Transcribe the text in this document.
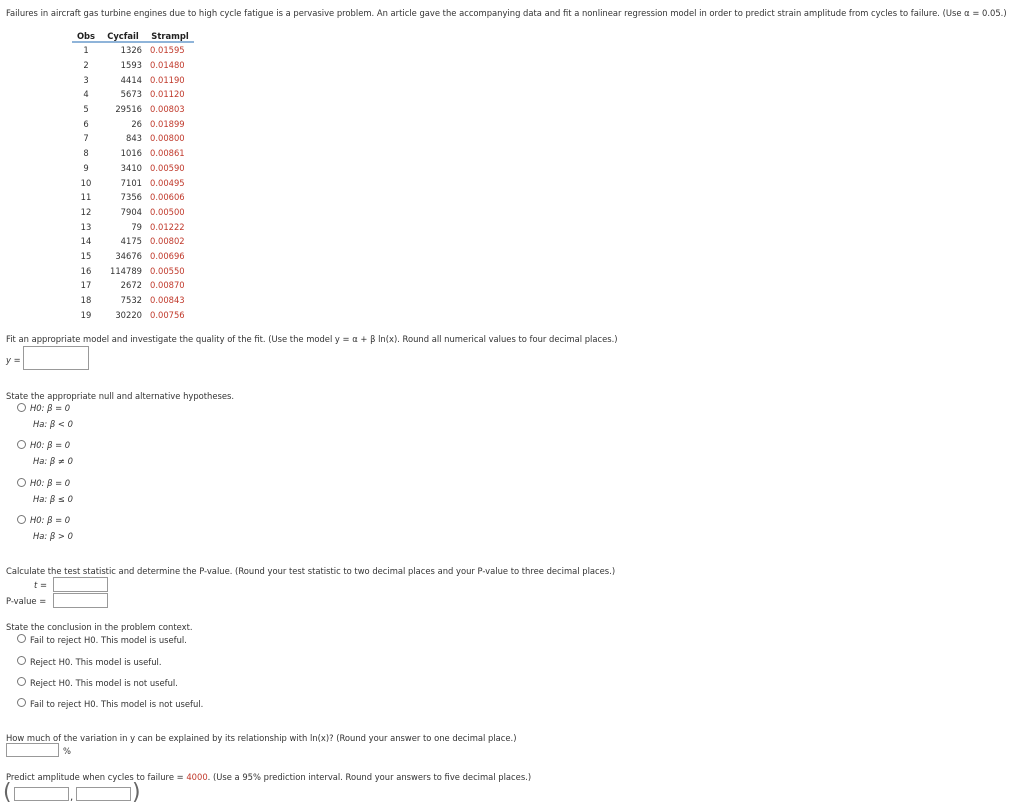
Failures in aircraft gas turbine engines due to high cycle fatigue is a pervasive problem. An article gave the accompanying data and fit a nonlinear regression model in order to predict strain amplitude from cycles to failure. (Use α = 0.05.)
Obs	Cycfail	Strampl
1	1326	0.01595
2	1593	0.01480
3	4414	0.01190
4	5673	0.01120
5	29516	0.00803
6	26	0.01899
7	843	0.00800
8	1016	0.00861
9	3410	0.00590
10	7101	0.00495
11	7356	0.00606
12	7904	0.00500
13	79	0.01222
14	4175	0.00802
15	34676	0.00696
16	114789	0.00550
17	2672	0.00870
18	7532	0.00843
19	30220	0.00756
Fit an appropriate model and investigate the quality of the fit. (Use the model y = α + β ln(x). Round all numerical values to four decimal places.)
y =
State the appropriate null and alternative hypotheses.
H0: β = 0
Ha: β < 0
H0: β = 0
Ha: β ≠ 0
H0: β = 0
Ha: β ≤ 0
H0: β = 0
Ha: β > 0
Calculate the test statistic and determine the P-value. (Round your test statistic to two decimal places and your P-value to three decimal places.)
t =
P-value =
State the conclusion in the problem context.
Fail to reject H0. This model is useful.
Reject H0. This model is useful.
Reject H0. This model is not useful.
Fail to reject H0. This model is not useful.
How much of the variation in y can be explained by its relationship with ln(x)? (Round your answer to one decimal place.)
%
Predict amplitude when cycles to failure = 4000. (Use a 95% prediction interval. Round your answers to five decimal places.)
(	,	)
